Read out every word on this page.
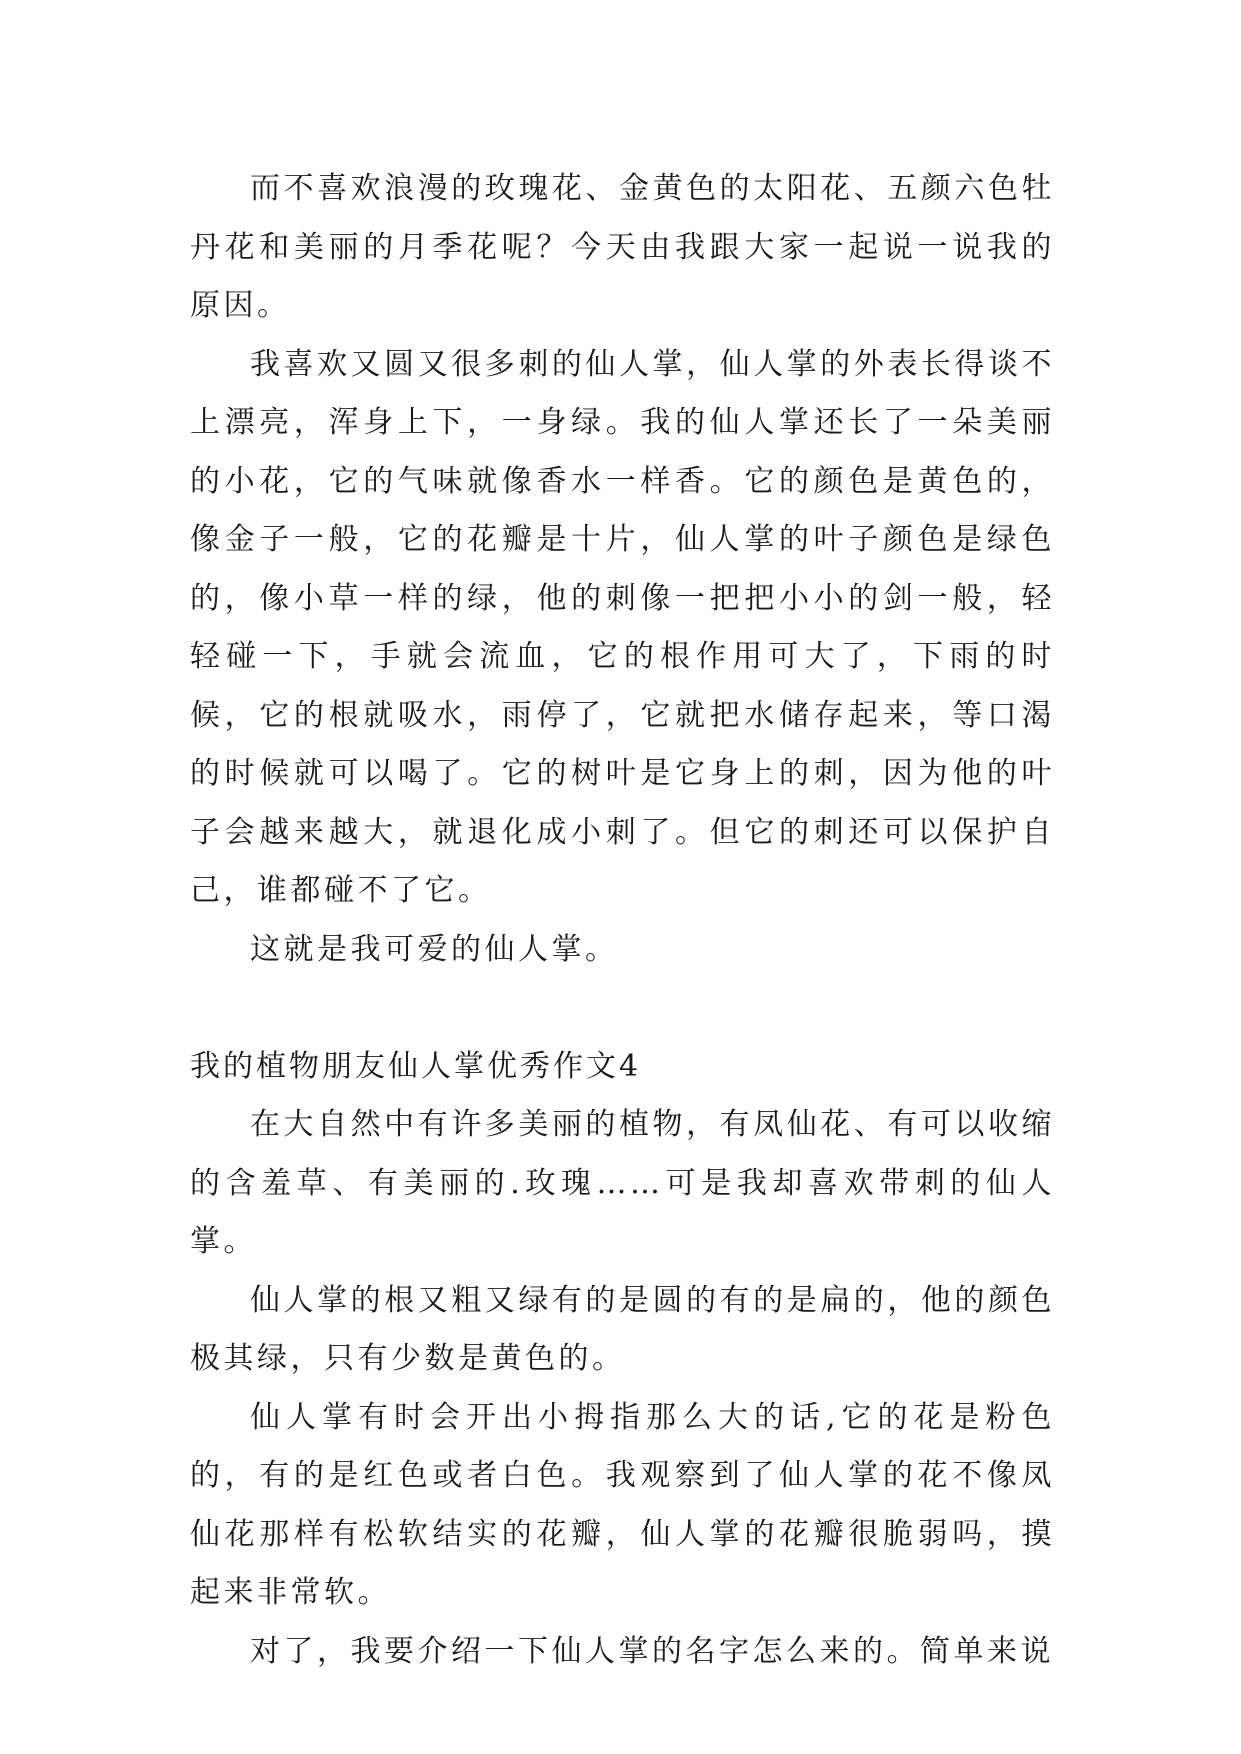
而不喜欢浪漫的玫瑰花、金黄色的太阳花、五颜六色牡丹花和美丽的月季花呢？今天由我跟大家一起说一说我的原因。

我喜欢又圆又很多刺的仙人掌，仙人掌的外表长得谈不上漂亮，浑身上下，一身绿。我的仙人掌还长了一朵美丽的小花，它的气味就像香水一样香。它的颜色是黄色的，像金子一般，它的花瓣是十片，仙人掌的叶子颜色是绿色的，像小草一样的绿，他的刺像一把把小小的剑一般，轻轻碰一下，手就会流血，它的根作用可大了，下雨的时候，它的根就吸水，雨停了，它就把水储存起来，等口渴的时候就可以喝了。它的树叶是它身上的刺，因为他的叶子会越来越大，就退化成小刺了。但它的刺还可以保护自己，谁都碰不了它。

这就是我可爱的仙人掌。

我的植物朋友仙人掌优秀作文4

在大自然中有许多美丽的植物，有凤仙花、有可以收缩的含羞草、有美丽的.玫瑰……可是我却喜欢带刺的仙人掌。

仙人掌的根又粗又绿有的是圆的有的是扁的，他的颜色极其绿，只有少数是黄色的。

仙人掌有时会开出小拇指那么大的话,它的花是粉色的，有的是红色或者白色。我观察到了仙人掌的花不像凤仙花那样有松软结实的花瓣，仙人掌的花瓣很脆弱吗，摸起来非常软。

对了，我要介绍一下仙人掌的名字怎么来的。简单来说
